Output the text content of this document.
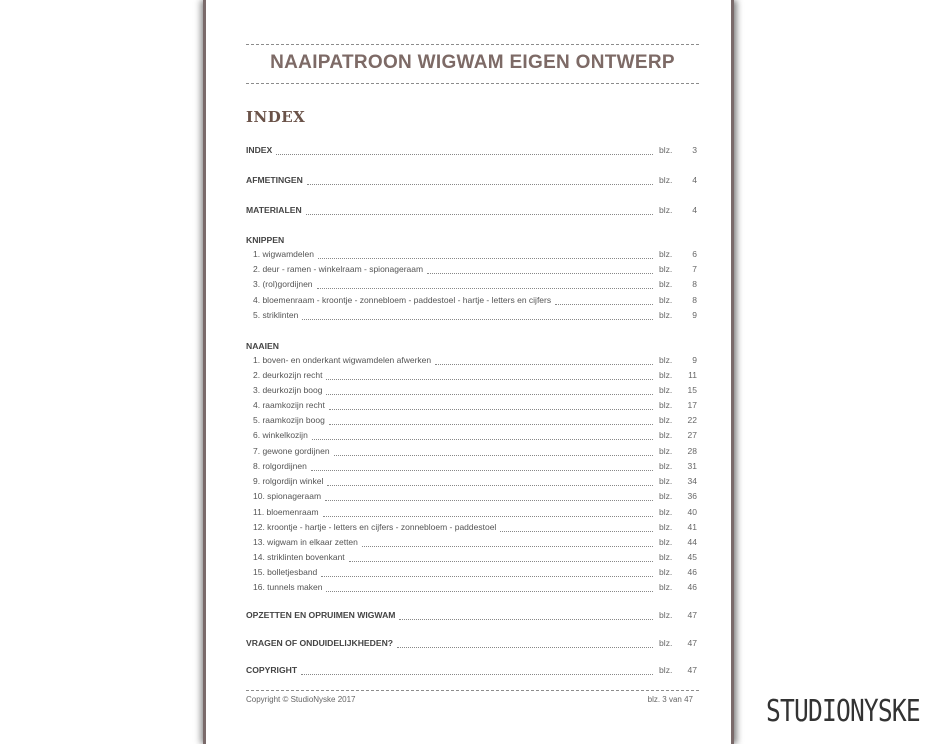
NAAIPATROON WIGWAM EIGEN ONTWERP
INDEX
INDEX	blz.	3
AFMETINGEN	blz.	4
MATERIALEN	blz.	4
KNIPPEN
1. wigwamdelen	blz.	6
2. deur - ramen - winkelraam - spionageraam	blz.	7
3. (rol)gordijnen	blz.	8
4. bloemenraam - kroontje - zonnebloem - paddestoel - hartje - letters en cijfers	blz.	8
5. striklinten	blz.	9
NAAIEN
1. boven- en onderkant wigwamdelen afwerken	blz.	9
2. deurkozijn recht	blz.	11
3. deurkozijn boog	blz.	15
4. raamkozijn recht	blz.	17
5. raamkozijn boog	blz.	22
6. winkelkozijn	blz.	27
7. gewone gordijnen	blz.	28
8. rolgordijnen	blz.	31
9. rolgordijn winkel	blz.	34
10. spionageraam	blz.	36
11. bloemenraam	blz.	40
12. kroontje - hartje - letters en cijfers - zonnebloem - paddestoel	blz.	41
13. wigwam in elkaar zetten	blz.	44
14. striklinten bovenkant	blz.	45
15. bolletjesband	blz.	46
16. tunnels maken	blz.	46
OPZETTEN EN OPRUIMEN WIGWAM	blz.	47
VRAGEN OF ONDUIDELIJKHEDEN?	blz.	47
COPYRIGHT	blz.	47
Copyright © StudioNyske 2017	blz. 3 van 47 STUDIONYSKE
